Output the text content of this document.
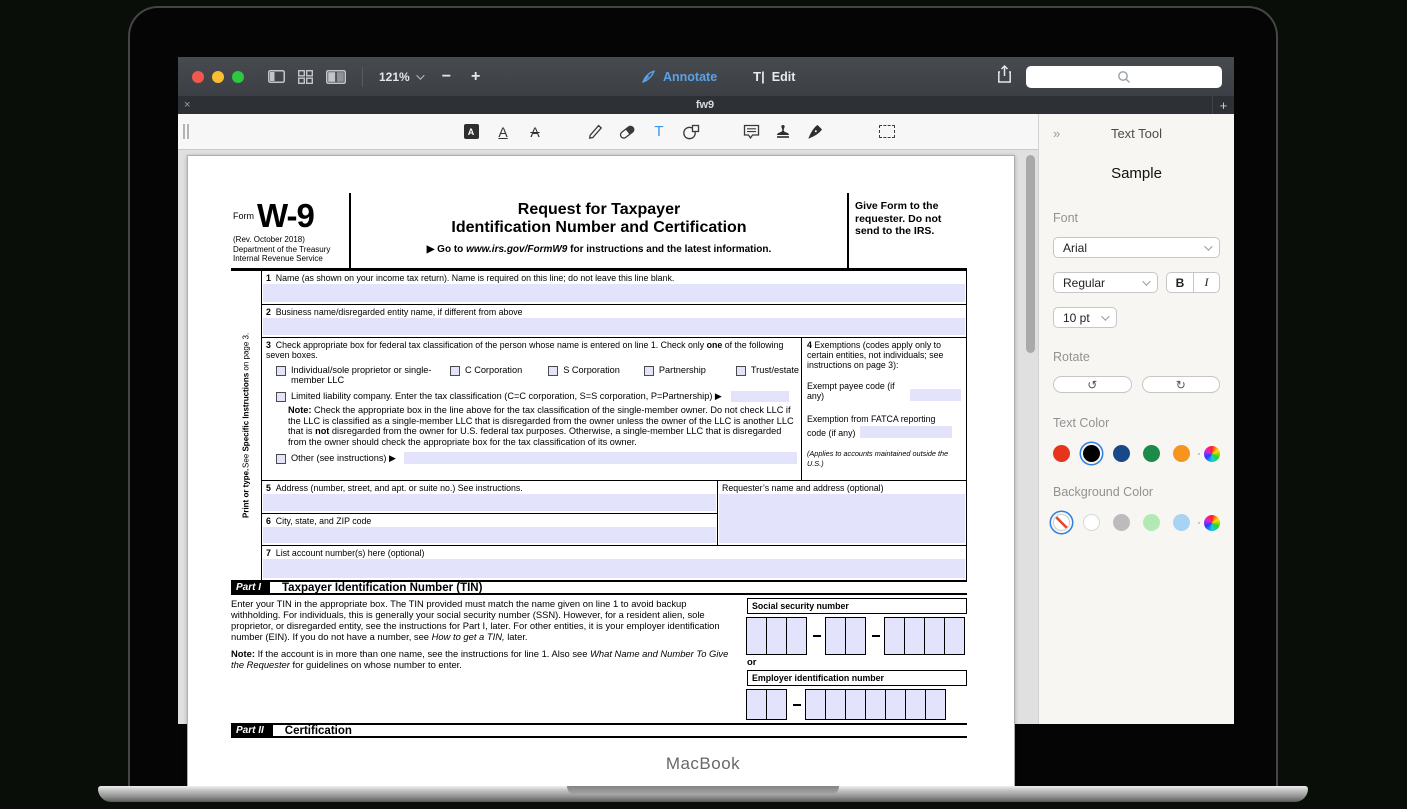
121% − +	Annotate	T| Edit
×	fw9	+
A	A A	T
FormW-9
(Rev. October 2018)
Department of the Treasury
Internal Revenue Service
Request for Taxpayer
Identification Number and Certification
▶ Go to www.irs.gov/FormW9 for instructions and the latest information.
Give Form to the requester. Do not send to the IRS.
Print or type.
See Specific Instructions on page 3.
1 Name (as shown on your income tax return). Name is required on this line; do not leave this line blank.
2 Business name/disregarded entity name, if different from above
3 Check appropriate box for federal tax classification of the person whose name is entered on line 1. Check only one of the following seven boxes.
Individual/sole proprietor or single-member LLC
C Corporation	S Corporation	Partnership	Trust/estate
Limited liability company. Enter the tax classification (C=C corporation, S=S corporation, P=Partnership) ▶
Note: Check the appropriate box in the line above for the tax classification of the single-member owner. Do not check LLC if the LLC is classified as a single-member LLC that is disregarded from the owner unless the owner of the LLC is another LLC that is not disregarded from the owner for U.S. federal tax purposes. Otherwise, a single-member LLC that is disregarded from the owner should check the appropriate box for the tax classification of its owner.
Other (see instructions) ▶
4 Exemptions (codes apply only to certain entities, not individuals; see instructions on page 3):
Exempt payee code (if any)
Exemption from FATCA reporting
code (if any)
(Applies to accounts maintained outside the U.S.)
5 Address (number, street, and apt. or suite no.) See instructions.
6 City, state, and ZIP code
Requester’s name and address (optional)
7 List account number(s) here (optional)
Part I	Taxpayer Identification Number (TIN)
Enter your TIN in the appropriate box. The TIN provided must match the name given on line 1 to avoid backup withholding. For individuals, this is generally your social security number (SSN). However, for a resident alien, sole proprietor, or disregarded entity, see the instructions for Part I, later. For other entities, it is your employer identification number (EIN). If you do not have a number, see How to get a TIN, later.
Note: If the account is in more than one name, see the instructions for line 1. Also see What Name and Number To Give the Requester for guidelines on whose number to enter.
Social security number
or
Employer identification number
Part II	Certification
»	Text Tool
Sample
Font
Arial
Regular	B	I
10 pt
Rotate
↺	↻
Text Color
Background Color
MacBook
